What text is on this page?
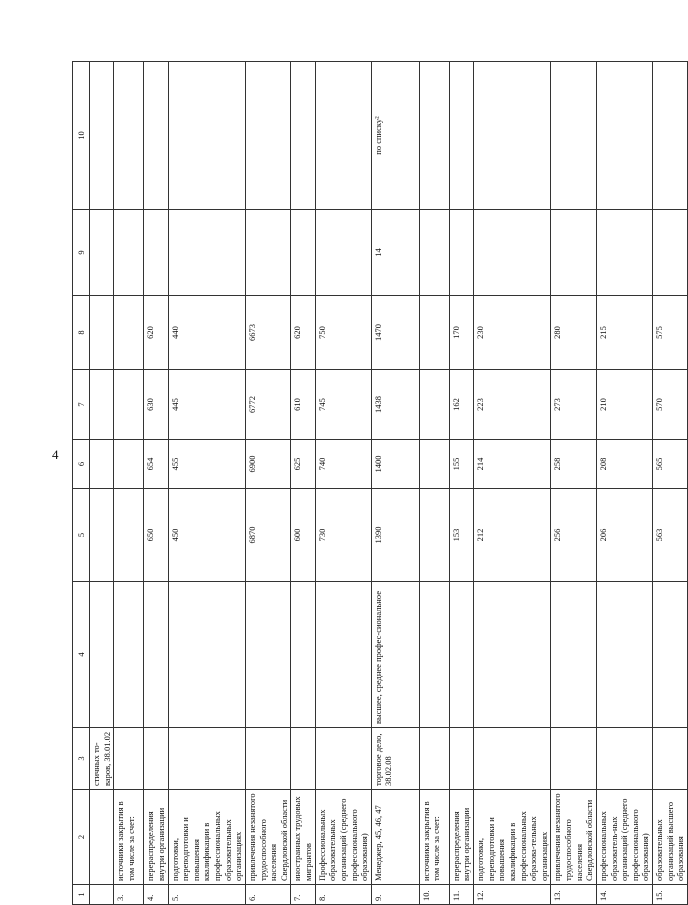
4
1	2	3	4	5	6	7	8	9	10
		стичных то-варов, 38.01.02							
3.	источники закрытия в том числе за счет:								
4.	перераспределения внутри организации			650	654	630	620		
5.	подготовки, переподготовки и повышения квалификации в профессиональных образовательных организациях			450	455	445	440		
6.	привлечения незанятого трудоспособного населения Свердловской области			6870	6900	6772	6673		
7.	иностранных трудовых мигрантов			600	625	610	620		
8.	Профессиональных образовательных организаций (среднего профессионального образования)			730	740	745	750		
9.	Менеджер, 45, 46, 47	торговое дело, 38.02.08	высшее, среднее профес-сиональное	1390	1400	1438	1470	14	по списку²
10.	источники закрытия в том числе за счет:								
11.	перераспределения внутри организации			153	155	162	170		
12.	подготовки, переподготовки и повышения квалификации в профессиональных образова-тельных организациях			212	214	223	230		
13.	привлечения незанятого трудоспособного населения Свердловской области			256	258	273	280		
14.	профессиональных образователь-ных организаций (среднего профессионального образования)			206	208	210	215		
15.	образовательных организаций высшего образования			563	565	570	575		
